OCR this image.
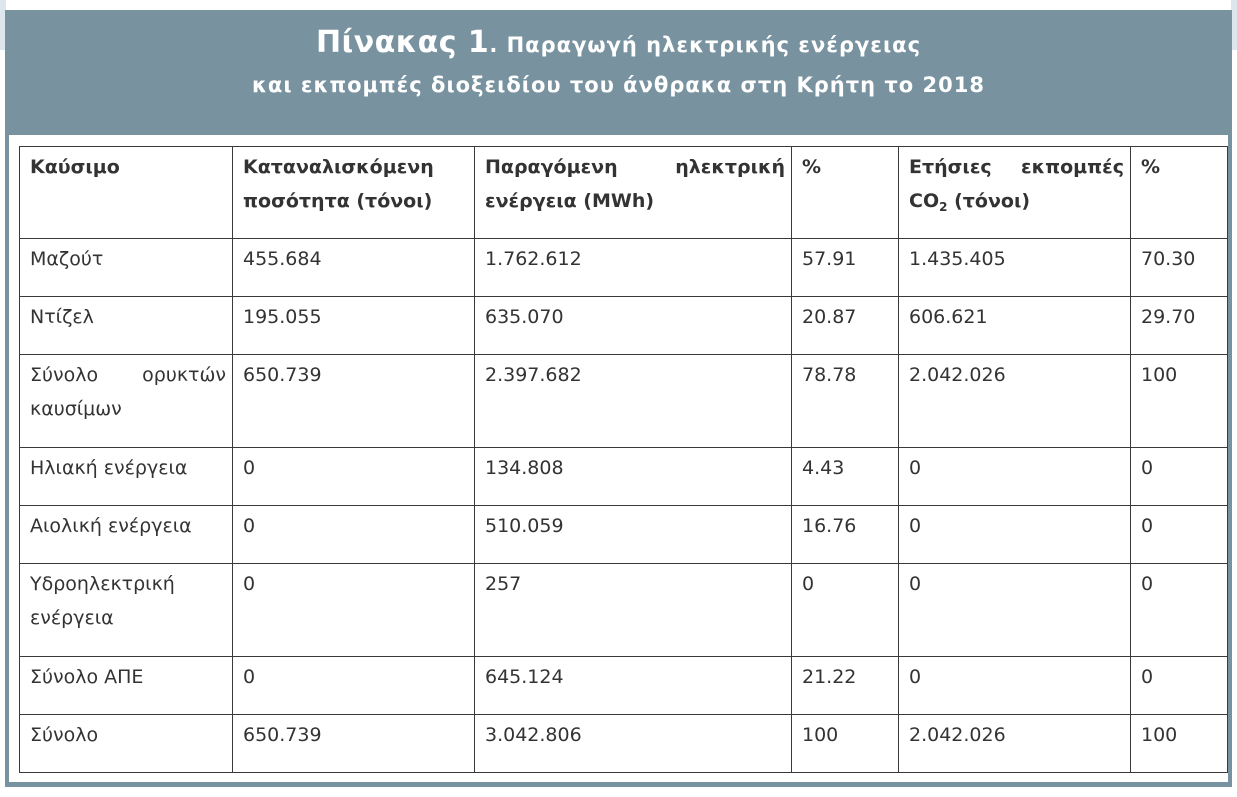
Πίνακας 1. Παραγωγή ηλεκτρικής ενέργειας
και εκπομπές διοξειδίου του άνθρακα στη Κρήτη το 2018
Καύσιμο	Καταναλισκόμενη ποσότητα (τόνοι)	Παραγόμενη ηλεκτρική ενέργεια (MWh)	%	Ετήσιες εκπομπές $CO_2$ (τόνοι)	%
Μαζούτ	455.684	1.762.612	57.91	1.435.405	70.30
Ντίζελ	195.055	635.070	20.87	606.621	29.70
Σύνολο ορυκτών καυσίμων	650.739	2.397.682	78.78	2.042.026	100
Ηλιακή ενέργεια	0	134.808	4.43	0	0
Αιολική ενέργεια	0	510.059	16.76	0	0
Υδροηλεκτρική ενέργεια	0	257	0	0	0
Σύνολο ΑΠΕ	0	645.124	21.22	0	0
Σύνολο	650.739	3.042.806	100	2.042.026	100
